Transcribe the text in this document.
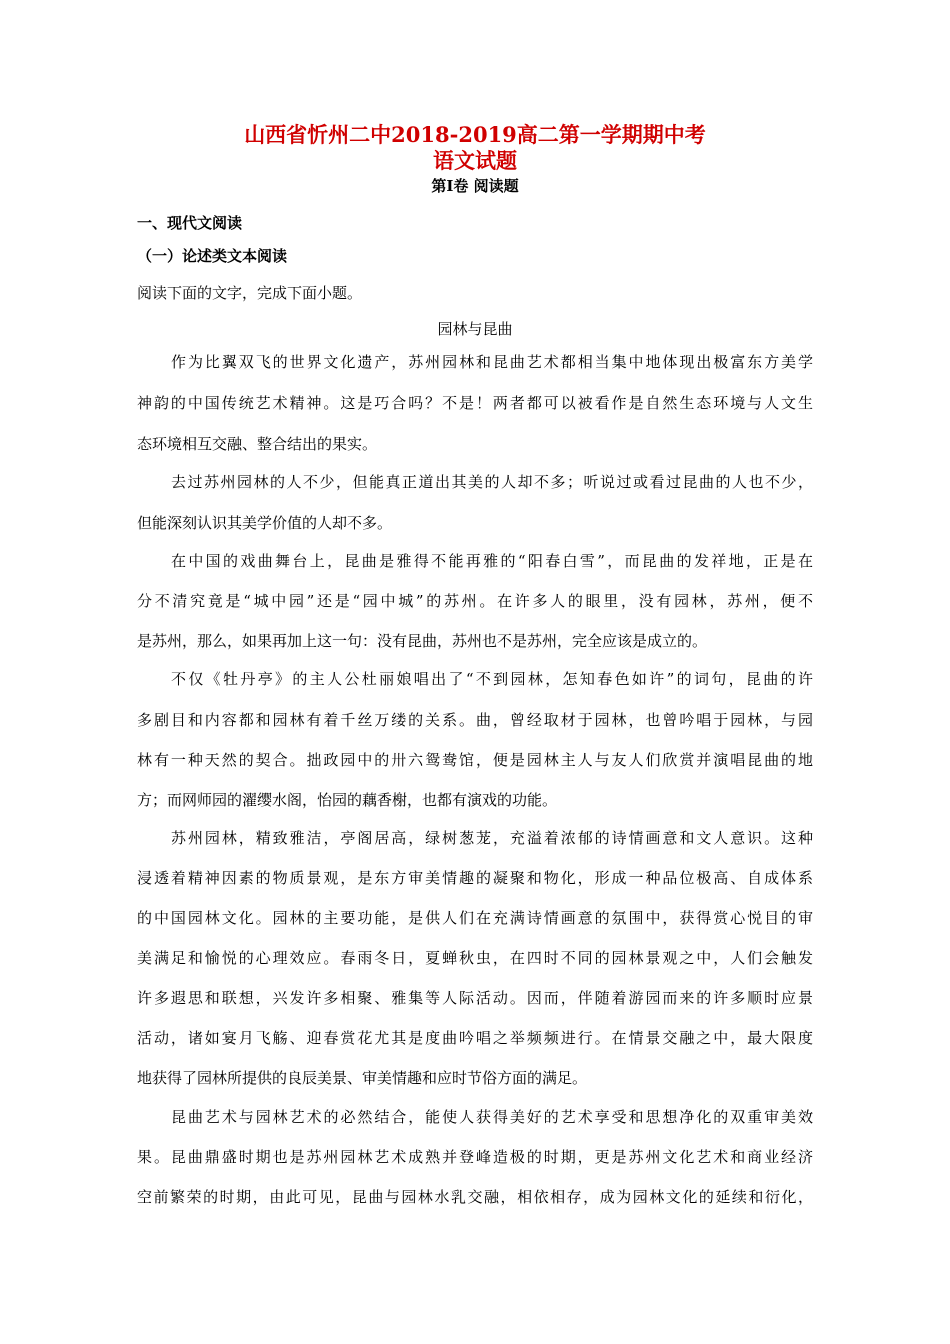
山西省忻州二中2018-2019高二第一学期期中考
语文试题
第I卷 阅读题
一、现代文阅读
（一）论述类文本阅读
阅读下面的文字，完成下面小题。
园林与昆曲
作为比翼双飞的世界文化遗产，苏州园林和昆曲艺术都相当集中地体现出极富东方美学
神韵的中国传统艺术精神。这是巧合吗？不是！两者都可以被看作是自然生态环境与人文生
态环境相互交融、整合结出的果实。
去过苏州园林的人不少，但能真正道出其美的人却不多；听说过或看过昆曲的人也不少，
但能深刻认识其美学价值的人却不多。
在中国的戏曲舞台上，昆曲是雅得不能再雅的“阳春白雪”，而昆曲的发祥地，正是在
分不清究竟是“城中园”还是“园中城”的苏州。在许多人的眼里，没有园林，苏州，便不
是苏州，那么，如果再加上这一句：没有昆曲，苏州也不是苏州，完全应该是成立的。
不仅《牡丹亭》的主人公杜丽娘唱出了“不到园林，怎知春色如许”的词句，昆曲的许
多剧目和内容都和园林有着千丝万缕的关系。曲，曾经取材于园林，也曾吟唱于园林，与园
林有一种天然的契合。拙政园中的卅六鸳鸯馆，便是园林主人与友人们欣赏并演唱昆曲的地
方；而网师园的濯缨水阁，怡园的藕香榭，也都有演戏的功能。
苏州园林，精致雅洁，亭阁居高，绿树葱茏，充溢着浓郁的诗情画意和文人意识。这种
浸透着精神因素的物质景观，是东方审美情趣的凝聚和物化，形成一种品位极高、自成体系
的中国园林文化。园林的主要功能，是供人们在充满诗情画意的氛围中，获得赏心悦目的审
美满足和愉悦的心理效应。春雨冬日，夏蝉秋虫，在四时不同的园林景观之中，人们会触发
许多遐思和联想，兴发许多相聚、雅集等人际活动。因而，伴随着游园而来的许多顺时应景
活动，诸如宴月飞觞、迎春赏花尤其是度曲吟唱之举频频进行。在情景交融之中，最大限度
地获得了园林所提供的良辰美景、审美情趣和应时节俗方面的满足。
昆曲艺术与园林艺术的必然结合，能使人获得美好的艺术享受和思想净化的双重审美效
果。昆曲鼎盛时期也是苏州园林艺术成熟并登峰造极的时期，更是苏州文化艺术和商业经济
空前繁荣的时期，由此可见，昆曲与园林水乳交融，相依相存，成为园林文化的延续和衍化，
